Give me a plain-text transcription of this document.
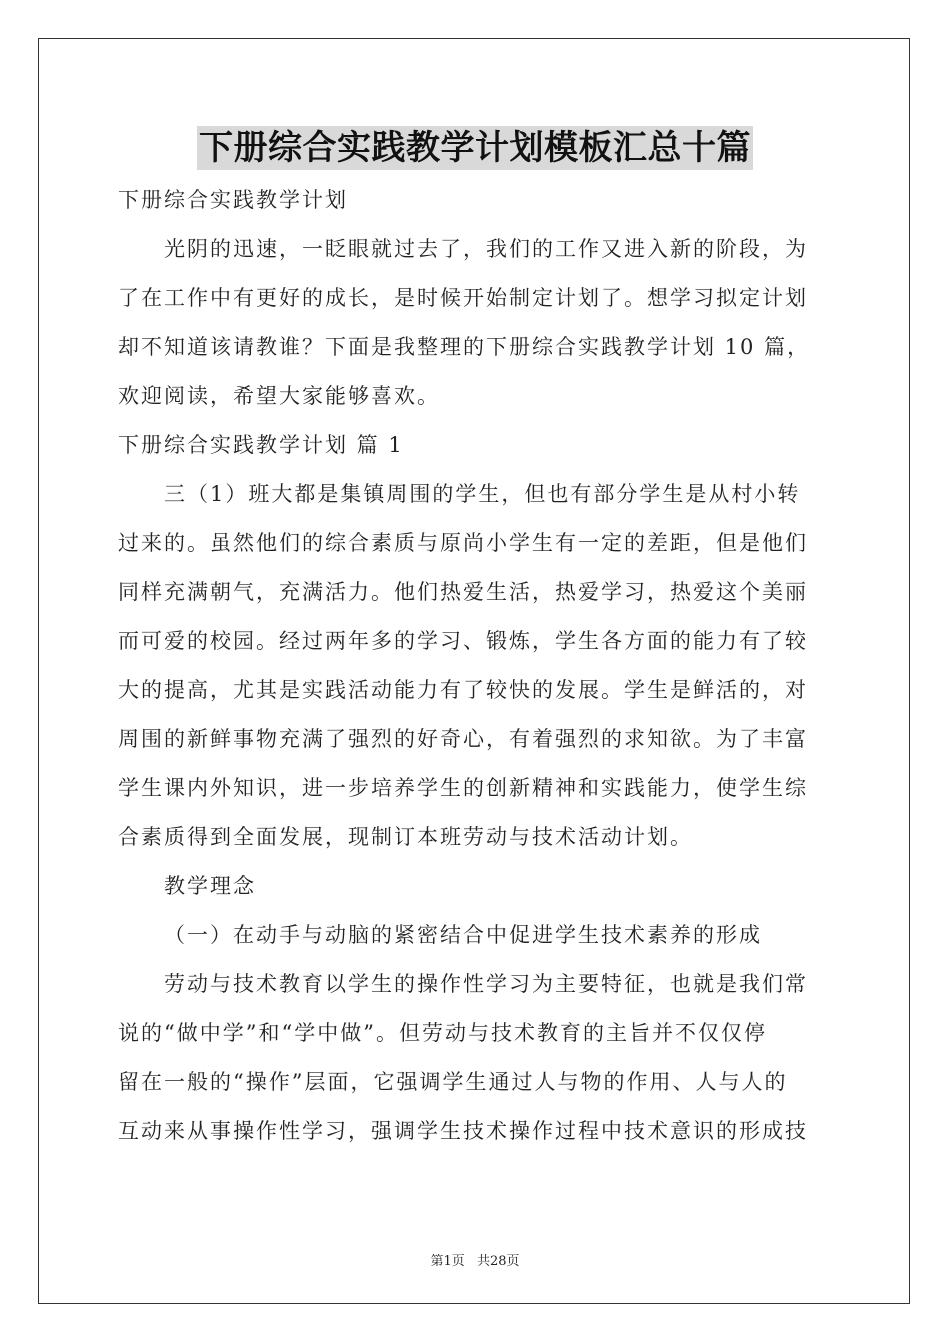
下册综合实践教学计划模板汇总十篇
下册综合实践教学计划
光阴的迅速，一眨眼就过去了，我们的工作又进入新的阶段，为
了在工作中有更好的成长，是时候开始制定计划了。想学习拟定计划
却不知道该请教谁？下面是我整理的下册综合实践教学计划 10 篇，
欢迎阅读，希望大家能够喜欢。
下册综合实践教学计划 篇 1
三（1）班大都是集镇周围的学生，但也有部分学生是从村小转
过来的。虽然他们的综合素质与原尚小学生有一定的差距，但是他们
同样充满朝气，充满活力。他们热爱生活，热爱学习，热爱这个美丽
而可爱的校园。经过两年多的学习、锻炼，学生各方面的能力有了较
大的提高，尤其是实践活动能力有了较快的发展。学生是鲜活的，对
周围的新鲜事物充满了强烈的好奇心，有着强烈的求知欲。为了丰富
学生课内外知识，进一步培养学生的创新精神和实践能力，使学生综
合素质得到全面发展，现制订本班劳动与技术活动计划。
教学理念
（一）在动手与动脑的紧密结合中促进学生技术素养的形成
劳动与技术教育以学生的操作性学习为主要特征，也就是我们常
说的“做中学”和“学中做”。但劳动与技术教育的主旨并不仅仅停
留在一般的“操作”层面，它强调学生通过人与物的作用、人与人的
互动来从事操作性学习，强调学生技术操作过程中技术意识的形成技
第1页 共28页
